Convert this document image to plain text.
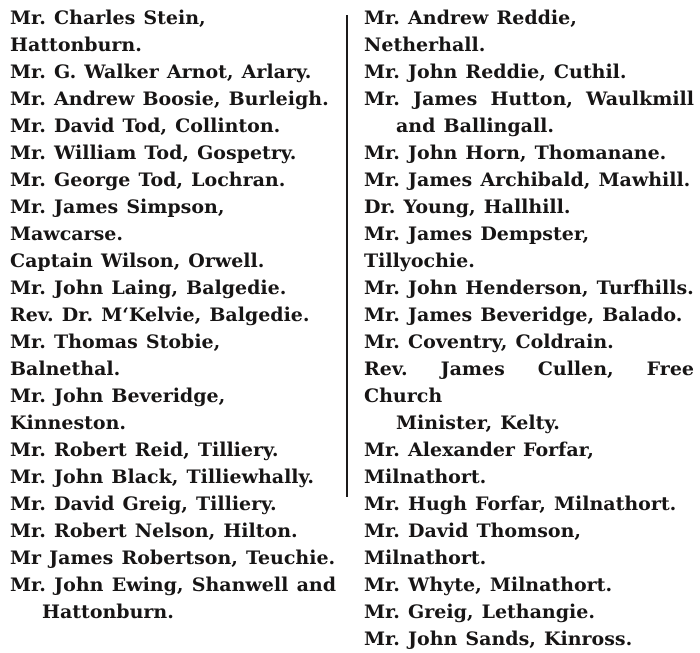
Mr. Charles Stein, Hattonburn.
Mr. G. Walker Arnot, Arlary.
Mr. Andrew Boosie, Burleigh.
Mr. David Tod, Collinton.
Mr. William Tod, Gospetry.
Mr. George Tod, Lochran.
Mr. James Simpson, Mawcarse.
Captain Wilson, Orwell.
Mr. John Laing, Balgedie.
Rev. Dr. M‘Kelvie, Balgedie.
Mr. Thomas Stobie, Balnethal.
Mr. John Beveridge, Kinneston.
Mr. Robert Reid, Tilliery.
Mr. John Black, Tilliewhally.
Mr. David Greig, Tilliery.
Mr. Robert Nelson, Hilton.
Mr James Robertson, Teuchie.
Mr. John Ewing, Shanwell and
Hattonburn.
Mr. Andrew Reddie, Netherhall.
Mr. John Reddie, Cuthil.
Mr. James Hutton, Waulkmill
and Ballingall.
Mr. John Horn, Thomanane.
Mr. James Archibald, Mawhill.
Dr. Young, Hallhill.
Mr. James Dempster, Tillyochie.
Mr. John Henderson, Turfhills.
Mr. James Beveridge, Balado.
Mr. Coventry, Coldrain.
Rev. James Cullen, Free Church
Minister, Kelty.
Mr. Alexander Forfar, Milnathort.
Mr. Hugh Forfar, Milnathort.
Mr. David Thomson, Milnathort.
Mr. Whyte, Milnathort.
Mr. Greig, Lethangie.
Mr. John Sands, Kinross.
